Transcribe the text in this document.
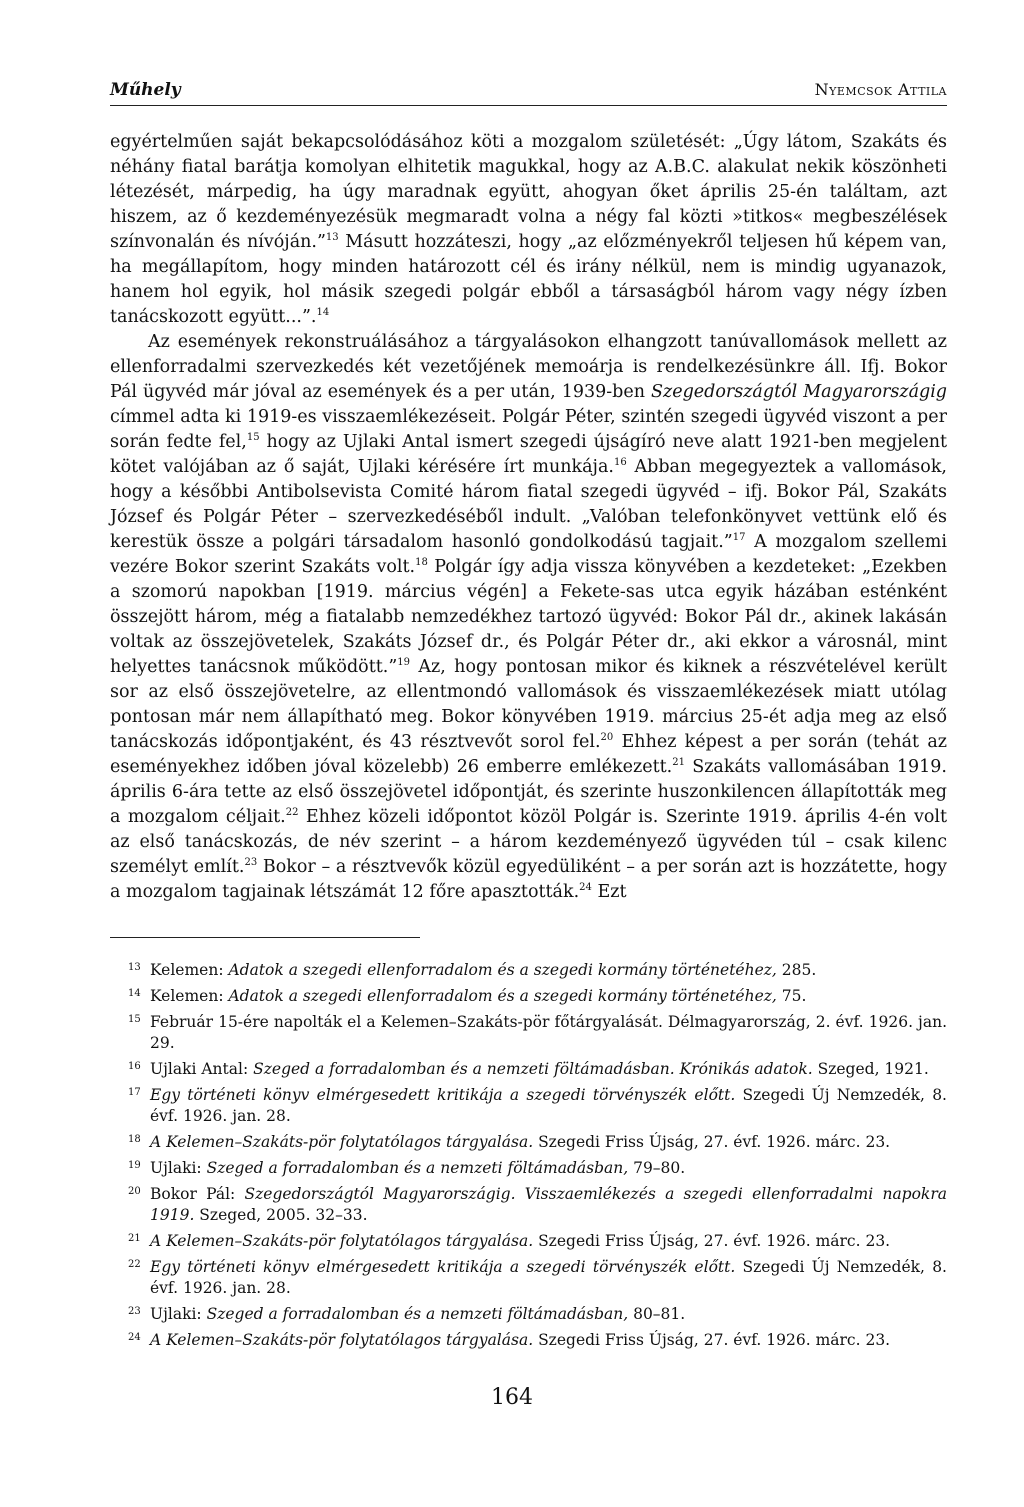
Műhely	Nyemcsok Attila

egyértelműen saját bekapcsolódásához köti a mozgalom születését: „Úgy látom, Szakáts és néhány fiatal barátja komolyan elhitetik magukkal, hogy az A.B.C. alakulat nekik köszönheti létezését, márpedig, ha úgy maradnak együtt, ahogyan őket április 25-én találtam, azt hiszem, az ő kezdeményezésük megmaradt volna a négy fal közti »titkos« megbeszélések színvonalán és nívóján.”$^{13}$ Másutt hozzáteszi, hogy „az előzményekről teljesen hű képem van, ha megállapítom, hogy minden határozott cél és irány nélkül, nem is mindig ugyanazok, hanem hol egyik, hol másik szegedi polgár ebből a társaságból három vagy négy ízben tanácskozott együtt...”.$^{14}$

Az események rekonstruálásához a tárgyalásokon elhangzott tanúvallomások mellett az ellenforradalmi szervezkedés két vezetőjének memoárja is rendelkezésünkre áll. Ifj. Bokor Pál ügyvéd már jóval az események és a per után, 1939-ben Szegedországtól Magyarországig címmel adta ki 1919-es visszaemlékezéseit. Polgár Péter, szintén szegedi ügyvéd viszont a per során fedte fel,$^{15}$ hogy az Ujlaki Antal ismert szegedi újságíró neve alatt 1921-ben megjelent kötet valójában az ő saját, Ujlaki kérésére írt munkája.$^{16}$ Abban megegyeztek a vallomások, hogy a későbbi Antibolsevista Comité három fiatal szegedi ügyvéd – ifj. Bokor Pál, Szakáts József és Polgár Péter – szervezkedéséből indult. „Valóban telefonkönyvet vettünk elő és kerestük össze a polgári társadalom hasonló gondolkodású tagjait.”$^{17}$ A mozgalom szellemi vezére Bokor szerint Szakáts volt.$^{18}$ Polgár így adja vissza könyvében a kezdeteket: „Ezekben a szomorú napokban [1919. március végén] a Fekete-sas utca egyik házában esténként összejött három, még a fiatalabb nemzedékhez tartozó ügyvéd: Bokor Pál dr., akinek lakásán voltak az összejövetelek, Szakáts József dr., és Polgár Péter dr., aki ekkor a városnál, mint helyettes tanácsnok működött.”$^{19}$ Az, hogy pontosan mikor és kiknek a részvételével került sor az első összejövetelre, az ellentmondó vallomások és visszaemlékezések miatt utólag pontosan már nem állapítható meg. Bokor könyvében 1919. március 25-ét adja meg az első tanácskozás időpontjaként, és 43 résztvevőt sorol fel.$^{20}$ Ehhez képest a per során (tehát az eseményekhez időben jóval közelebb) 26 emberre emlékezett.$^{21}$ Szakáts vallomásában 1919. április 6-ára tette az első összejövetel időpontját, és szerinte huszonkilencen állapították meg a mozgalom céljait.$^{22}$ Ehhez közeli időpontot közöl Polgár is. Szerinte 1919. április 4-én volt az első tanácskozás, de név szerint – a három kezdeményező ügyvéden túl – csak kilenc személyt említ.$^{23}$ Bokor – a résztvevők közül egyedüliként – a per során azt is hozzátette, hogy a mozgalom tagjainak létszámát 12 főre apasztották.$^{24}$ Ezt

13 Kelemen: Adatok a szegedi ellenforradalom és a szegedi kormány történetéhez, 285.
14 Kelemen: Adatok a szegedi ellenforradalom és a szegedi kormány történetéhez, 75.
15 Február 15-ére napolták el a Kelemen–Szakáts-pör főtárgyalását. Délmagyarország, 2. évf. 1926. jan. 29.
16 Ujlaki Antal: Szeged a forradalomban és a nemzeti föltámadásban. Krónikás adatok. Szeged, 1921.
17 Egy történeti könyv elmérgesedett kritikája a szegedi törvényszék előtt. Szegedi Új Nemzedék, 8. évf. 1926. jan. 28.
18 A Kelemen–Szakáts-pör folytatólagos tárgyalása. Szegedi Friss Újság, 27. évf. 1926. márc. 23.
19 Ujlaki: Szeged a forradalomban és a nemzeti föltámadásban, 79–80.
20 Bokor Pál: Szegedországtól Magyarországig. Visszaemlékezés a szegedi ellenforradalmi napokra 1919. Szeged, 2005. 32–33.
21 A Kelemen–Szakáts-pör folytatólagos tárgyalása. Szegedi Friss Újság, 27. évf. 1926. márc. 23.
22 Egy történeti könyv elmérgesedett kritikája a szegedi törvényszék előtt. Szegedi Új Nemzedék, 8. évf. 1926. jan. 28.
23 Ujlaki: Szeged a forradalomban és a nemzeti föltámadásban, 80–81.
24 A Kelemen–Szakáts-pör folytatólagos tárgyalása. Szegedi Friss Újság, 27. évf. 1926. márc. 23.
164
